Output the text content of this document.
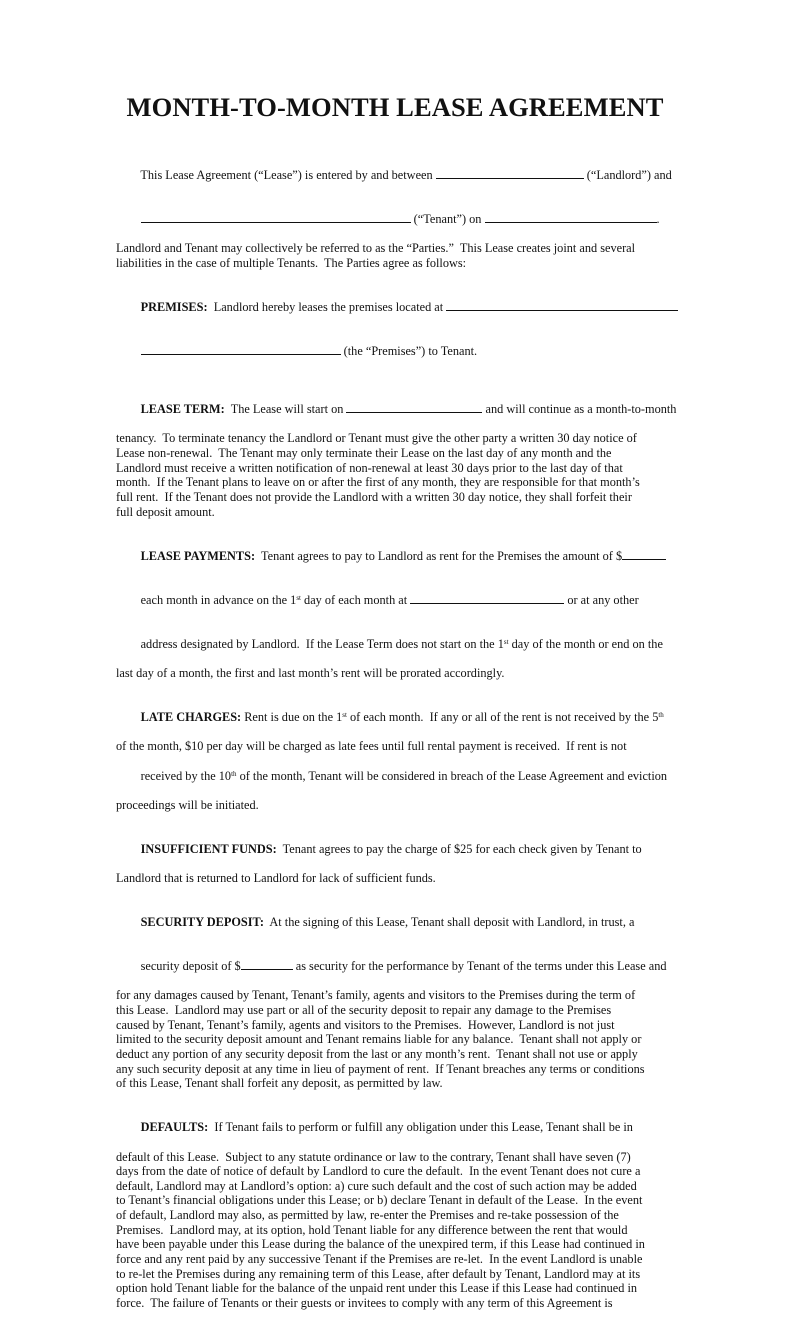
MONTH-TO-MONTH LEASE AGREEMENT

This Lease Agreement (“Lease”) is entered by and between	(“Landlord”) and

(“Tenant”) on	.

Landlord and Tenant may collectively be referred to as the “Parties.”  This Lease creates joint and several
liabilities in the case of multiple Tenants.  The Parties agree as follows:

PREMISES:  Landlord hereby leases the premises located at

(the “Premises”) to Tenant.

LEASE TERM:  The Lease will start on	and will continue as a month-to-month

tenancy.  To terminate tenancy the Landlord or Tenant must give the other party a written 30 day notice of
Lease non-renewal.  The Tenant may only terminate their Lease on the last day of any month and the
Landlord must receive a written notification of non-renewal at least 30 days prior to the last day of that
month.  If the Tenant plans to leave on or after the first of any month, they are responsible for that month’s
full rent.  If the Tenant does not provide the Landlord with a written 30 day notice, they shall forfeit their
full deposit amount.

LEASE PAYMENTS:  Tenant agrees to pay to Landlord as rent for the Premises the amount of $

each month in advance on the 1st day of each month at	or at any other

address designated by Landlord.  If the Lease Term does not start on the 1st day of the month or end on the

last day of a month, the first and last month’s rent will be prorated accordingly.

LATE CHARGES: Rent is due on the 1st of each month.  If any or all of the rent is not received by the 5th

of the month, $10 per day will be charged as late fees until full rental payment is received.  If rent is not

received by the 10th of the month, Tenant will be considered in breach of the Lease Agreement and eviction

proceedings will be initiated.

INSUFFICIENT FUNDS:  Tenant agrees to pay the charge of $25 for each check given by Tenant to

Landlord that is returned to Landlord for lack of sufficient funds.

SECURITY DEPOSIT:  At the signing of this Lease, Tenant shall deposit with Landlord, in trust, a

security deposit of $	as security for the performance by Tenant of the terms under this Lease and

for any damages caused by Tenant, Tenant’s family, agents and visitors to the Premises during the term of
this Lease.  Landlord may use part or all of the security deposit to repair any damage to the Premises
caused by Tenant, Tenant’s family, agents and visitors to the Premises.  However, Landlord is not just
limited to the security deposit amount and Tenant remains liable for any balance.  Tenant shall not apply or
deduct any portion of any security deposit from the last or any month’s rent.  Tenant shall not use or apply
any such security deposit at any time in lieu of payment of rent.  If Tenant breaches any terms or conditions
of this Lease, Tenant shall forfeit any deposit, as permitted by law.

DEFAULTS:  If Tenant fails to perform or fulfill any obligation under this Lease, Tenant shall be in

default of this Lease.  Subject to any statute ordinance or law to the contrary, Tenant shall have seven (7)
days from the date of notice of default by Landlord to cure the default.  In the event Tenant does not cure a
default, Landlord may at Landlord’s option: a) cure such default and the cost of such action may be added
to Tenant’s financial obligations under this Lease; or b) declare Tenant in default of the Lease.  In the event
of default, Landlord may also, as permitted by law, re-enter the Premises and re-take possession of the
Premises.  Landlord may, at its option, hold Tenant liable for any difference between the rent that would
have been payable under this Lease during the balance of the unexpired term, if this Lease had continued in
force and any rent paid by any successive Tenant if the Premises are re-let.  In the event Landlord is unable
to re-let the Premises during any remaining term of this Lease, after default by Tenant, Landlord may at its
option hold Tenant liable for the balance of the unpaid rent under this Lease if this Lease had continued in
force.  The failure of Tenants or their guests or invitees to comply with any term of this Agreement is
